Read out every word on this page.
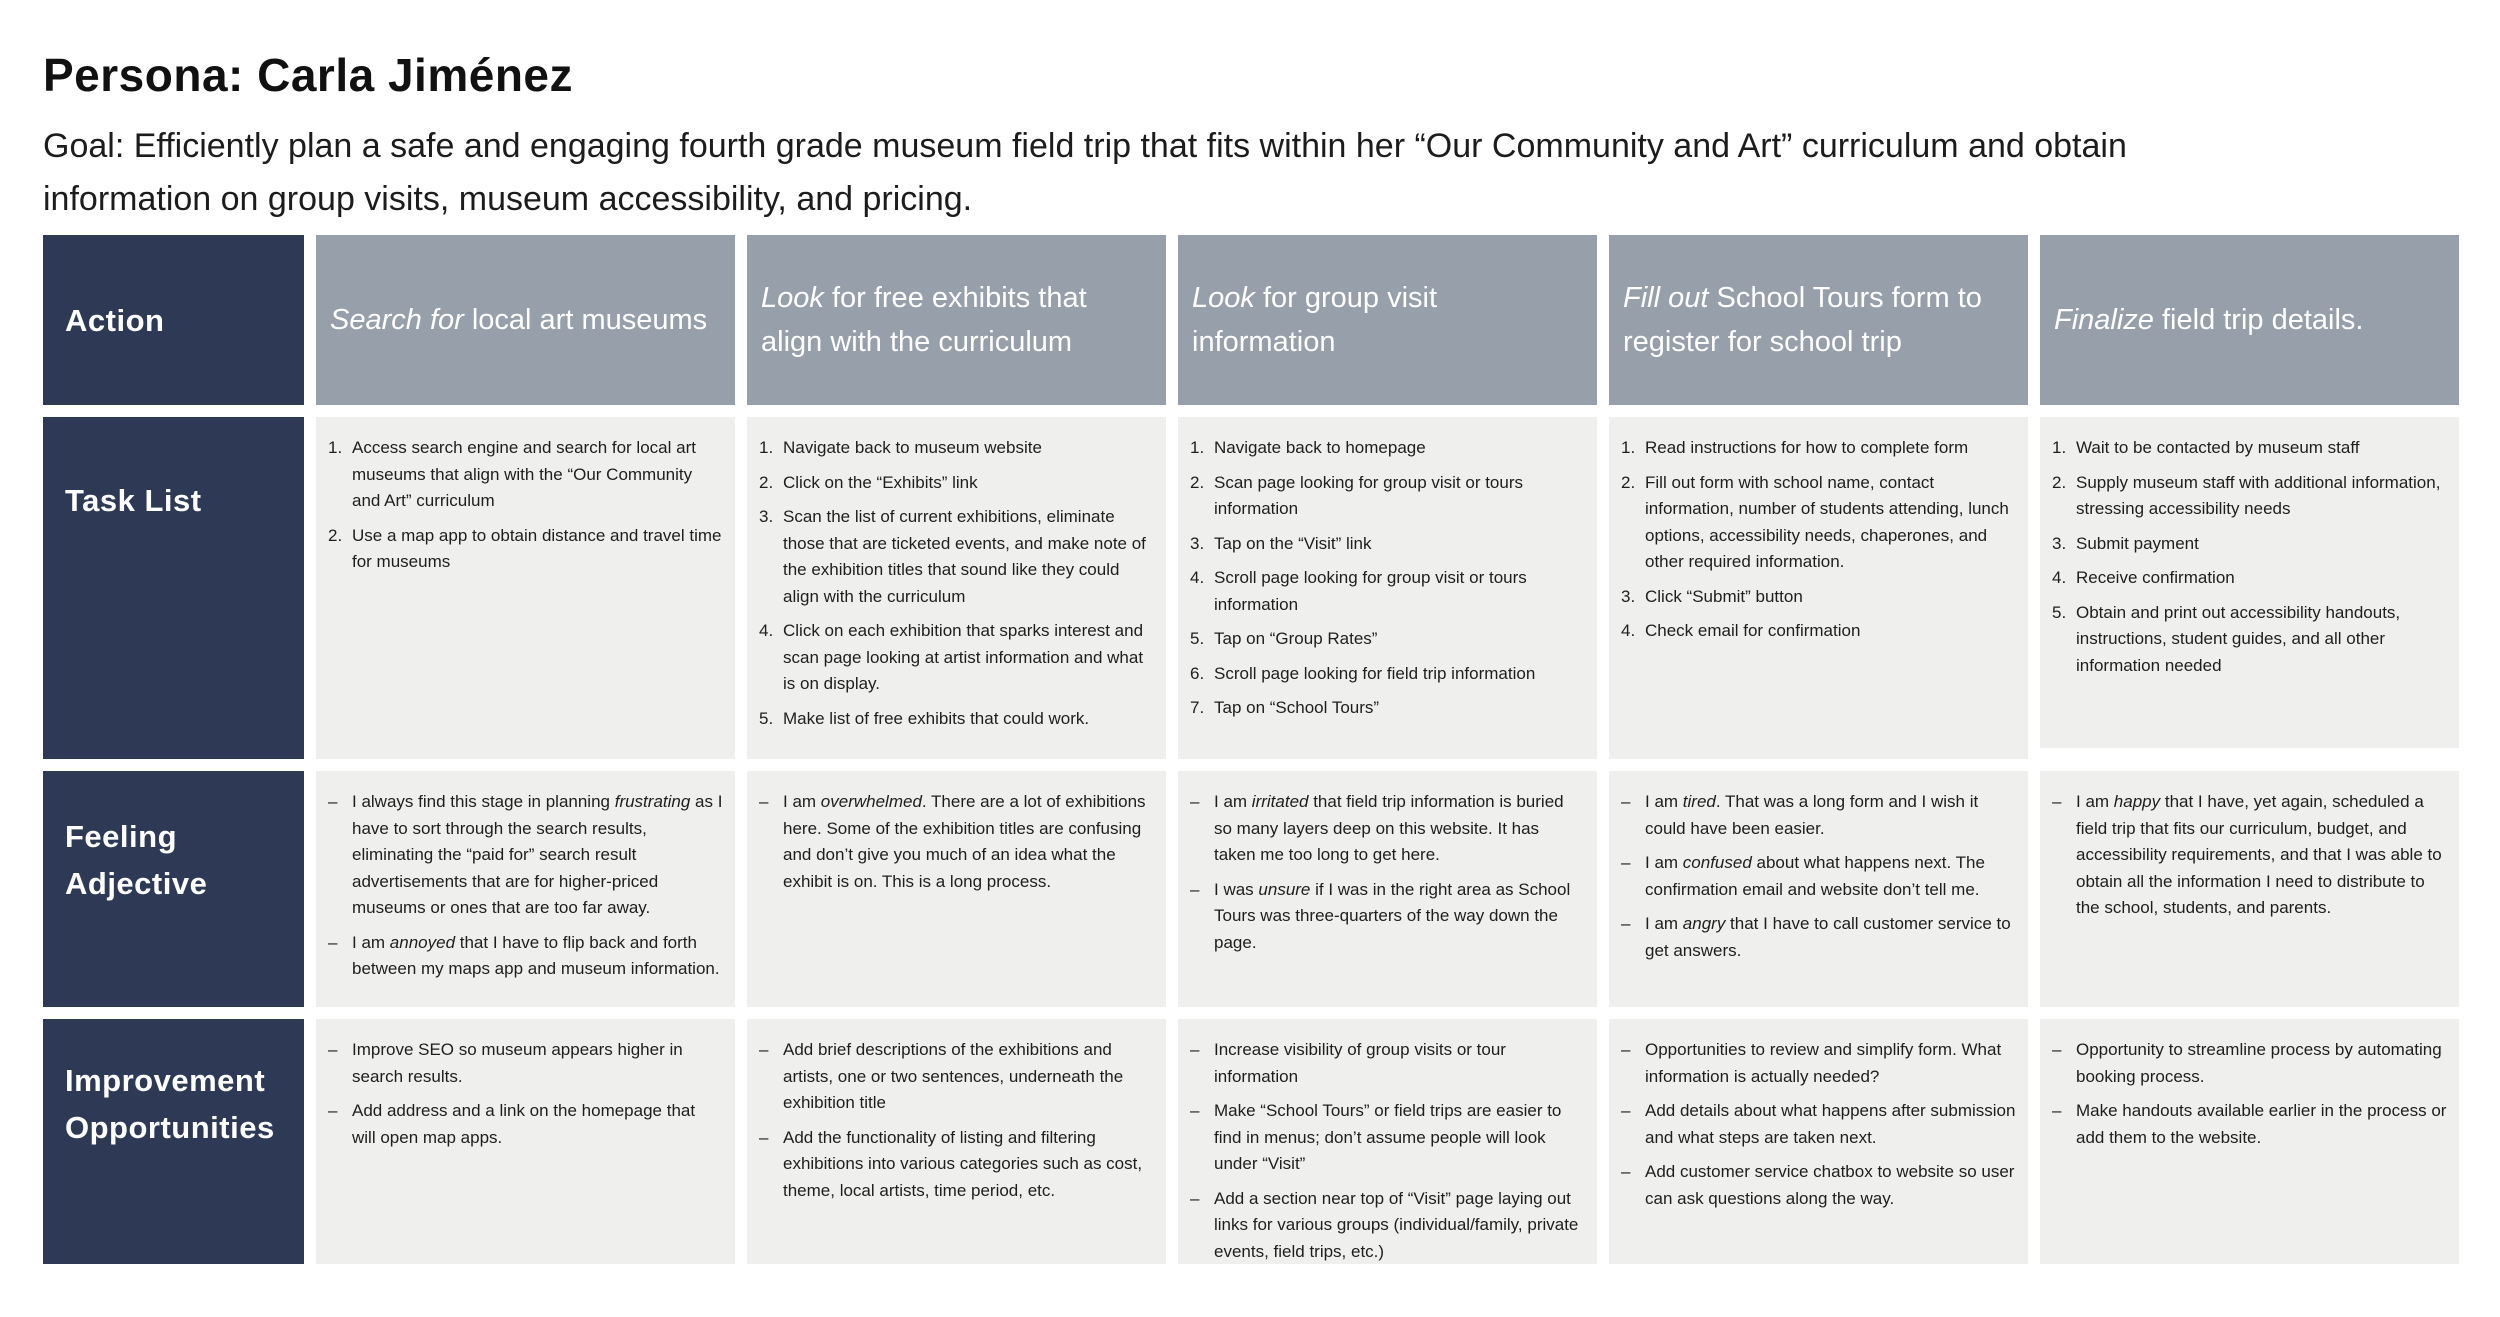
Persona: Carla Jiménez

Goal: Efficiently plan a safe and engaging fourth grade museum field trip that fits within her “Our Community and Art” curriculum and obtain information on group visits, museum accessibility, and pricing.

Action	Search for local art museums
Look for free exhibits that align with the curriculum
Look for group visit information
Fill out School Tours form to register for school trip
Finalize field trip details.
Task List
1. Access search engine and search for local art museums that align with the “Our Community and Art” curriculum
2. Use a map app to obtain distance and travel time for museums
1. Navigate back to museum website
2. Click on the “Exhibits” link
3. Scan the list of current exhibitions, eliminate those that are ticketed events, and make note of the exhibition titles that sound like they could align with the curriculum
4. Click on each exhibition that sparks interest and scan page looking at artist information and what is on display.
5. Make list of free exhibits that could work.
1. Navigate back to homepage
2. Scan page looking for group visit or tours information
3. Tap on the “Visit” link
4. Scroll page looking for group visit or tours information
5. Tap on “Group Rates”
6. Scroll page looking for field trip information
7. Tap on “School Tours”
1. Read instructions for how to complete form
2. Fill out form with school name, contact information, number of students attending, lunch options, accessibility needs, chaperones, and other required information.
3. Click “Submit” button
4. Check email for confirmation
1. Wait to be contacted by museum staff
2. Supply museum staff with additional information, stressing accessibility needs
3. Submit payment
4. Receive confirmation
5. Obtain and print out accessibility handouts, instructions, student guides, and all other information needed
Feeling
Adjective
– I always find this stage in planning frustrating as I have to sort through the search results, eliminating the “paid for” search result advertisements that are for higher-priced museums or ones that are too far away.
– I am annoyed that I have to flip back and forth between my maps app and museum information.
– I am overwhelmed. There are a lot of exhibitions here. Some of the exhibition titles are confusing and don’t give you much of an idea what the exhibit is on. This is a long process.
– I am irritated that field trip information is buried so many layers deep on this website. It has taken me too long to get here.
– I was unsure if I was in the right area as School Tours was three-quarters of the way down the page.
– I am tired. That was a long form and I wish it could have been easier.
– I am confused about what happens next. The confirmation email and website don’t tell me.
– I am angry that I have to call customer service to get answers.
– I am happy that I have, yet again, scheduled a field trip that fits our curriculum, budget, and accessibility requirements, and that I was able to obtain all the information I need to distribute to the school, students, and parents.
Improvement
Opportunities
– Improve SEO so museum appears higher in search results.
– Add address and a link on the homepage that will open map apps.
– Add brief descriptions of the exhibitions and artists, one or two sentences, underneath the exhibition title
– Add the functionality of listing and filtering exhibitions into various categories such as cost, theme, local artists, time period, etc.
– Increase visibility of group visits or tour information
– Make “School Tours” or field trips are easier to find in menus; don’t assume people will look under “Visit”
– Add a section near top of “Visit” page laying out links for various groups (individual/family, private events, field trips, etc.)
– Opportunities to review and simplify form. What information is actually needed?
– Add details about what happens after submission and what steps are taken next.
– Add customer service chatbox to website so user can ask questions along the way.
– Opportunity to streamline process by automating booking process.
– Make handouts available earlier in the process or add them to the website.
